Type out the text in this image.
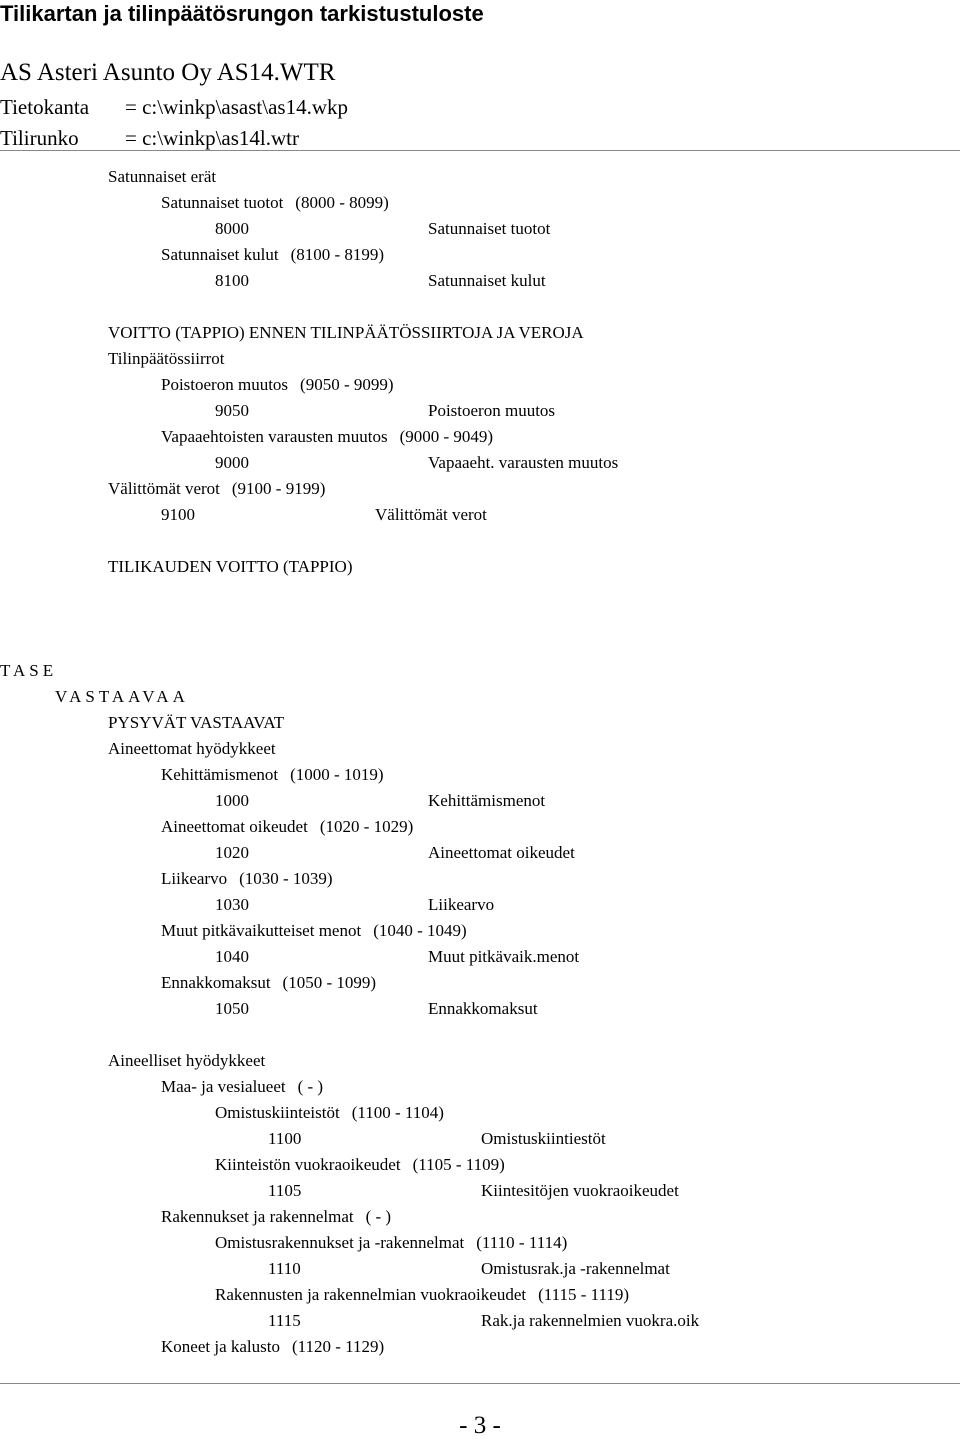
Tilikartan ja tilinpäätösrungon tarkistustuloste
AS Asteri Asunto Oy AS14.WTR
Tietokanta = c:\winkp\asast\as14.wkp
Tilirunko = c:\winkp\as14l.wtr
Satunnaiset erät
Satunnaiset tuotot (8000 - 8099)
8000	Satunnaiset tuotot
Satunnaiset kulut (8100 - 8199)
8100	Satunnaiset kulut
VOITTO (TAPPIO) ENNEN TILINPÄÄTÖSSIIRTOJA JA VEROJA
Tilinpäätössiirrot
Poistoeron muutos (9050 - 9099)
9050	Poistoeron muutos
Vapaaehtoisten varausten muutos (9000 - 9049)
9000	Vapaaeht. varausten muutos
Välittömät verot (9100 - 9199)
9100	Välittömät verot
TILIKAUDEN VOITTO (TAPPIO)
TASE
VASTAAVAA
PYSYVÄT VASTAAVAT
Aineettomat hyödykkeet
Kehittämismenot (1000 - 1019)
1000	Kehittämismenot
Aineettomat oikeudet (1020 - 1029)
1020	Aineettomat oikeudet
Liikearvo (1030 - 1039)
1030	Liikearvo
Muut pitkävaikutteiset menot (1040 - 1049)
1040	Muut pitkävaik.menot
Ennakkomaksut (1050 - 1099)
1050	Ennakkomaksut
Aineelliset hyödykkeet
Maa- ja vesialueet ( - )
Omistuskiinteistöt (1100 - 1104)
1100	Omistuskiintiestöt
Kiinteistön vuokraoikeudet (1105 - 1109)
1105	Kiintesitöjen vuokraoikeudet
Rakennukset ja rakennelmat ( - )
Omistusrakennukset ja -rakennelmat (1110 - 1114)
1110	Omistusrak.ja -rakennelmat
Rakennusten ja rakennelmian vuokraoikeudet (1115 - 1119)
1115	Rak.ja rakennelmien vuokra.oik
Koneet ja kalusto (1120 - 1129)
- 3 -
